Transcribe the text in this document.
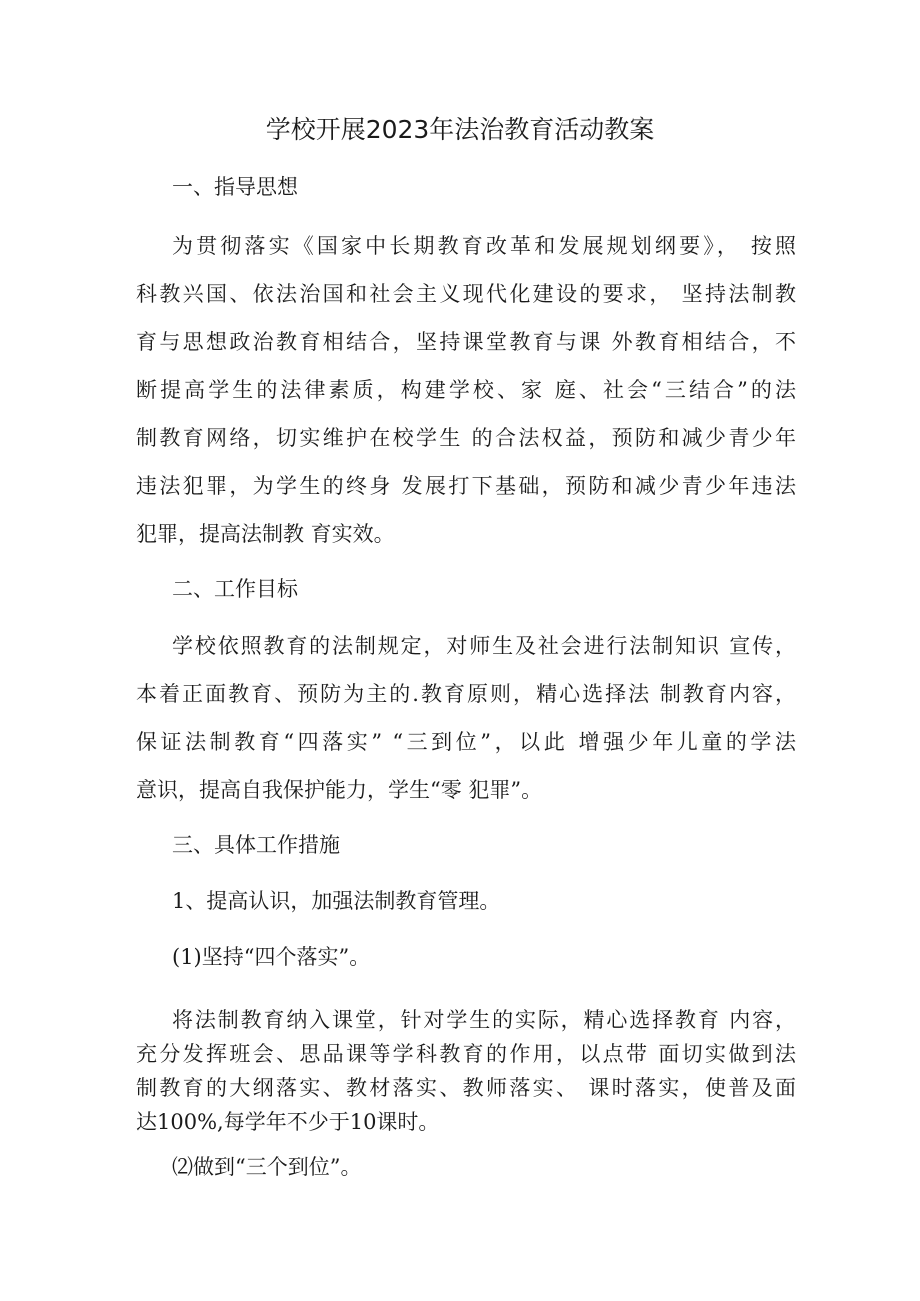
学校开展2023年法治教育活动教案
一、指导思想
为贯彻落实《国家中长期教育改革和发展规划纲要》， 按照
科教兴国、依法治国和社会主义现代化建设的要求， 坚持法制教
育与思想政治教育相结合，坚持课堂教育与课 外教育相结合，不
断提高学生的法律素质，构建学校、家 庭、社会“三结合”的法
制教育网络，切实维护在校学生 的合法权益，预防和减少青少年
违法犯罪，为学生的终身 发展打下基础，预防和减少青少年违法
犯罪，提高法制教 育实效。
二、工作目标
学校依照教育的法制规定，对师生及社会进行法制知识 宣传，
本着正面教育、预防为主的.教育原则，精心选择法 制教育内容，
保证法制教育“四落实” “三到位”，以此 增强少年儿童的学法
意识，提高自我保护能力，学生“零 犯罪”。
三、具体工作措施
1、提高认识，加强法制教育管理。
(1)坚持“四个落实”。
将法制教育纳入课堂，针对学生的实际，精心选择教育 内容，
充分发挥班会、思品课等学科教育的作用，以点带 面切实做到法
制教育的大纲落实、教材落实、教师落实、 课时落实，使普及面
达100%,每学年不少于10课时。
⑵做到“三个到位”。
